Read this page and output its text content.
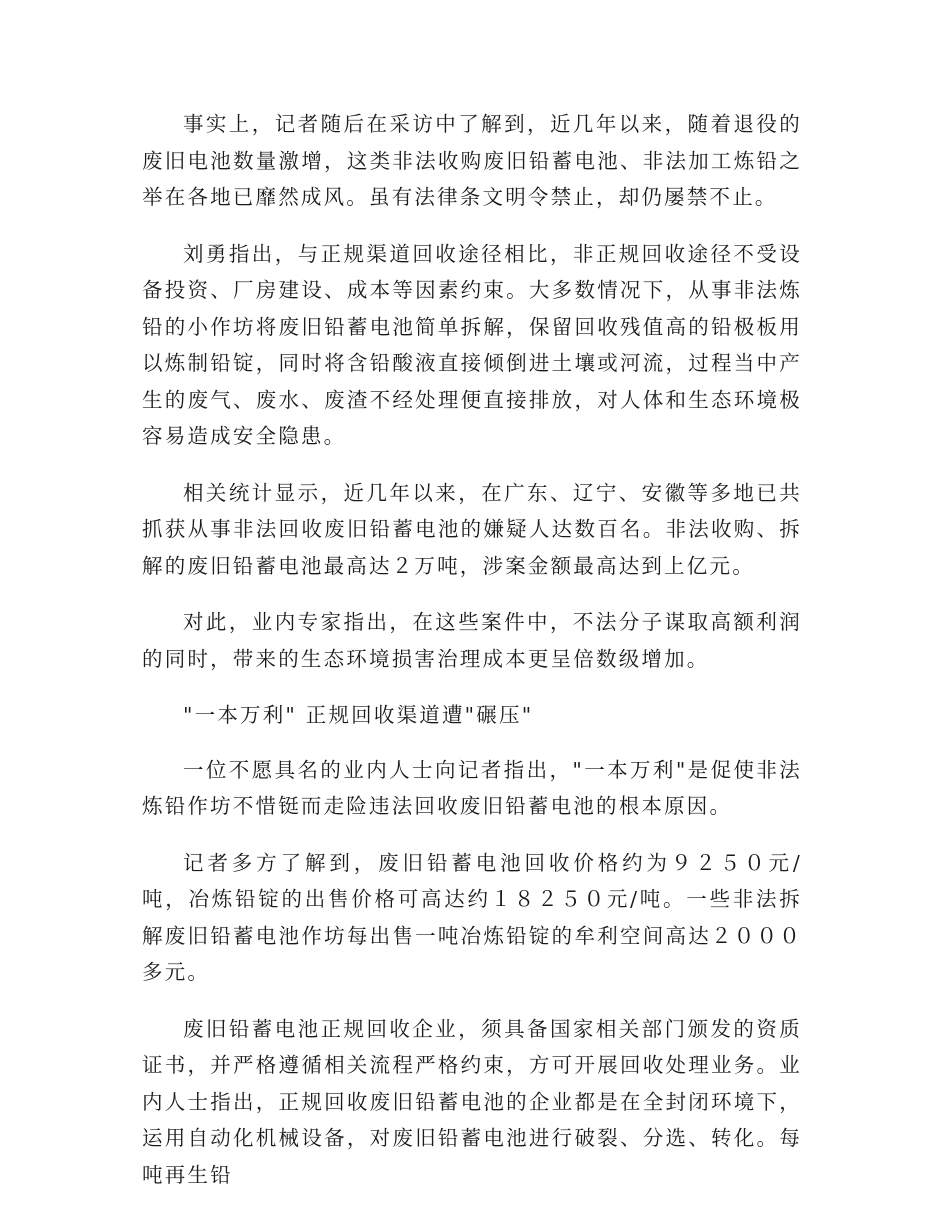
事实上，记者随后在采访中了解到，近几年以来，随着退役的废旧电池数量激增，这类非法收购废旧铅蓄电池、非法加工炼铅之举在各地已靡然成风。虽有法律条文明令禁止，却仍屡禁不止。

刘勇指出，与正规渠道回收途径相比，非正规回收途径不受设备投资、厂房建设、成本等因素约束。大多数情况下，从事非法炼铅的小作坊将废旧铅蓄电池简单拆解，保留回收残值高的铅极板用以炼制铅锭，同时将含铅酸液直接倾倒进土壤或河流，过程当中产生的废气、废水、废渣不经处理便直接排放，对人体和生态环境极容易造成安全隐患。

相关统计显示，近几年以来，在广东、辽宁、安徽等多地已共抓获从事非法回收废旧铅蓄电池的嫌疑人达数百名。非法收购、拆解的废旧铅蓄电池最高达２万吨，涉案金额最高达到上亿元。

对此，业内专家指出，在这些案件中，不法分子谋取高额利润的同时，带来的生态环境损害治理成本更呈倍数级增加。

"一本万利" 正规回收渠道遭"碾压"

一位不愿具名的业内人士向记者指出，"一本万利"是促使非法炼铅作坊不惜铤而走险违法回收废旧铅蓄电池的根本原因。

记者多方了解到，废旧铅蓄电池回收价格约为９２５０元/吨，冶炼铅锭的出售价格可高达约１８２５０元/吨。一些非法拆解废旧铅蓄电池作坊每出售一吨冶炼铅锭的牟利空间高达２０００多元。

废旧铅蓄电池正规回收企业，须具备国家相关部门颁发的资质证书，并严格遵循相关流程严格约束，方可开展回收处理业务。业内人士指出，正规回收废旧铅蓄电池的企业都是在全封闭环境下，运用自动化机械设备，对废旧铅蓄电池进行破裂、分选、转化。每吨再生铅
